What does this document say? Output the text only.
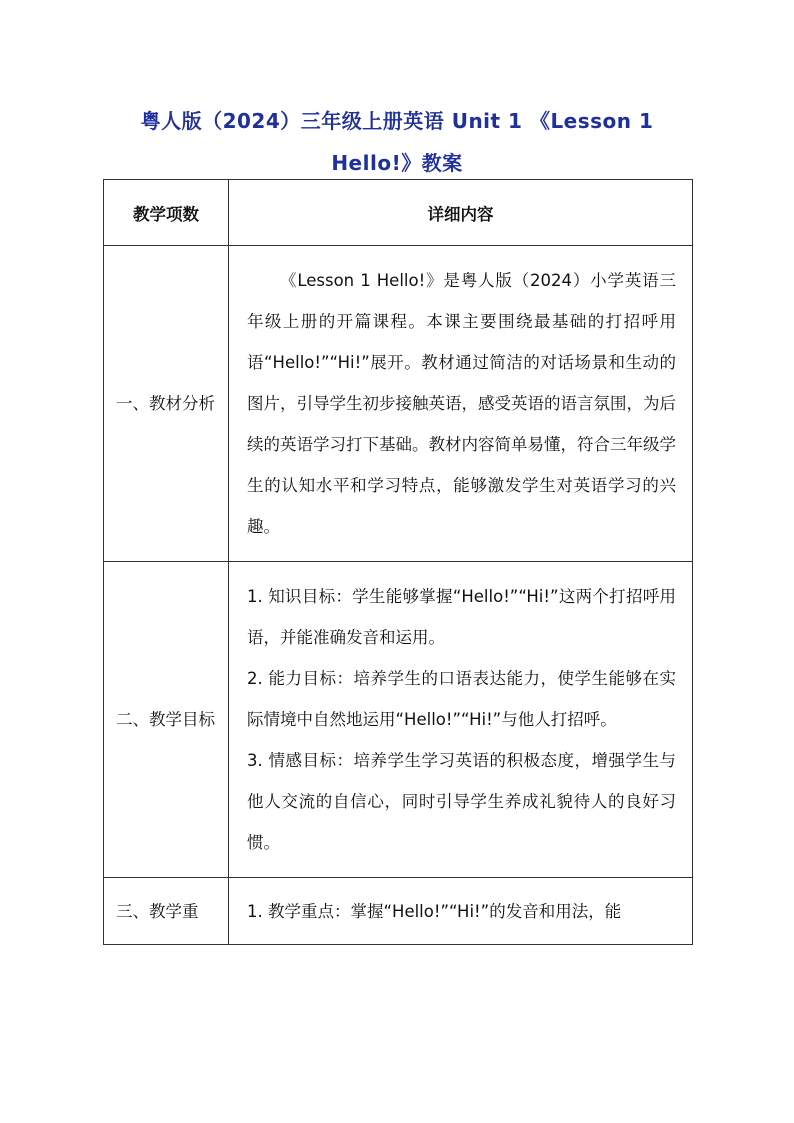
粤人版（2024）三年级上册英语 Unit 1 《Lesson 1
Hello!》教案
教学项数	详细内容
一、教材分析	《Lesson 1 Hello!》是粤人版（2024）小学英语三年级上册的开篇课程。本课主要围绕最基础的打招呼用语“Hello!”“Hi!”展开。教材通过简洁的对话场景和生动的图片，引导学生初步接触英语，感受英语的语言氛围，为后续的英语学习打下基础。教材内容简单易懂，符合三年级学生的认知水平和学习特点，能够激发学生对英语学习的兴趣。
二、教学目标	1. 知识目标：学生能够掌握“Hello!”“Hi!”这两个打招呼用语，并能准确发音和运用。
2. 能力目标：培养学生的口语表达能力，使学生能够在实际情境中自然地运用“Hello!”“Hi!”与他人打招呼。
3. 情感目标：培养学生学习英语的积极态度，增强学生与他人交流的自信心，同时引导学生养成礼貌待人的良好习惯。

三、教学重	1. 教学重点：掌握“Hello!”“Hi!”的发音和用法，能
